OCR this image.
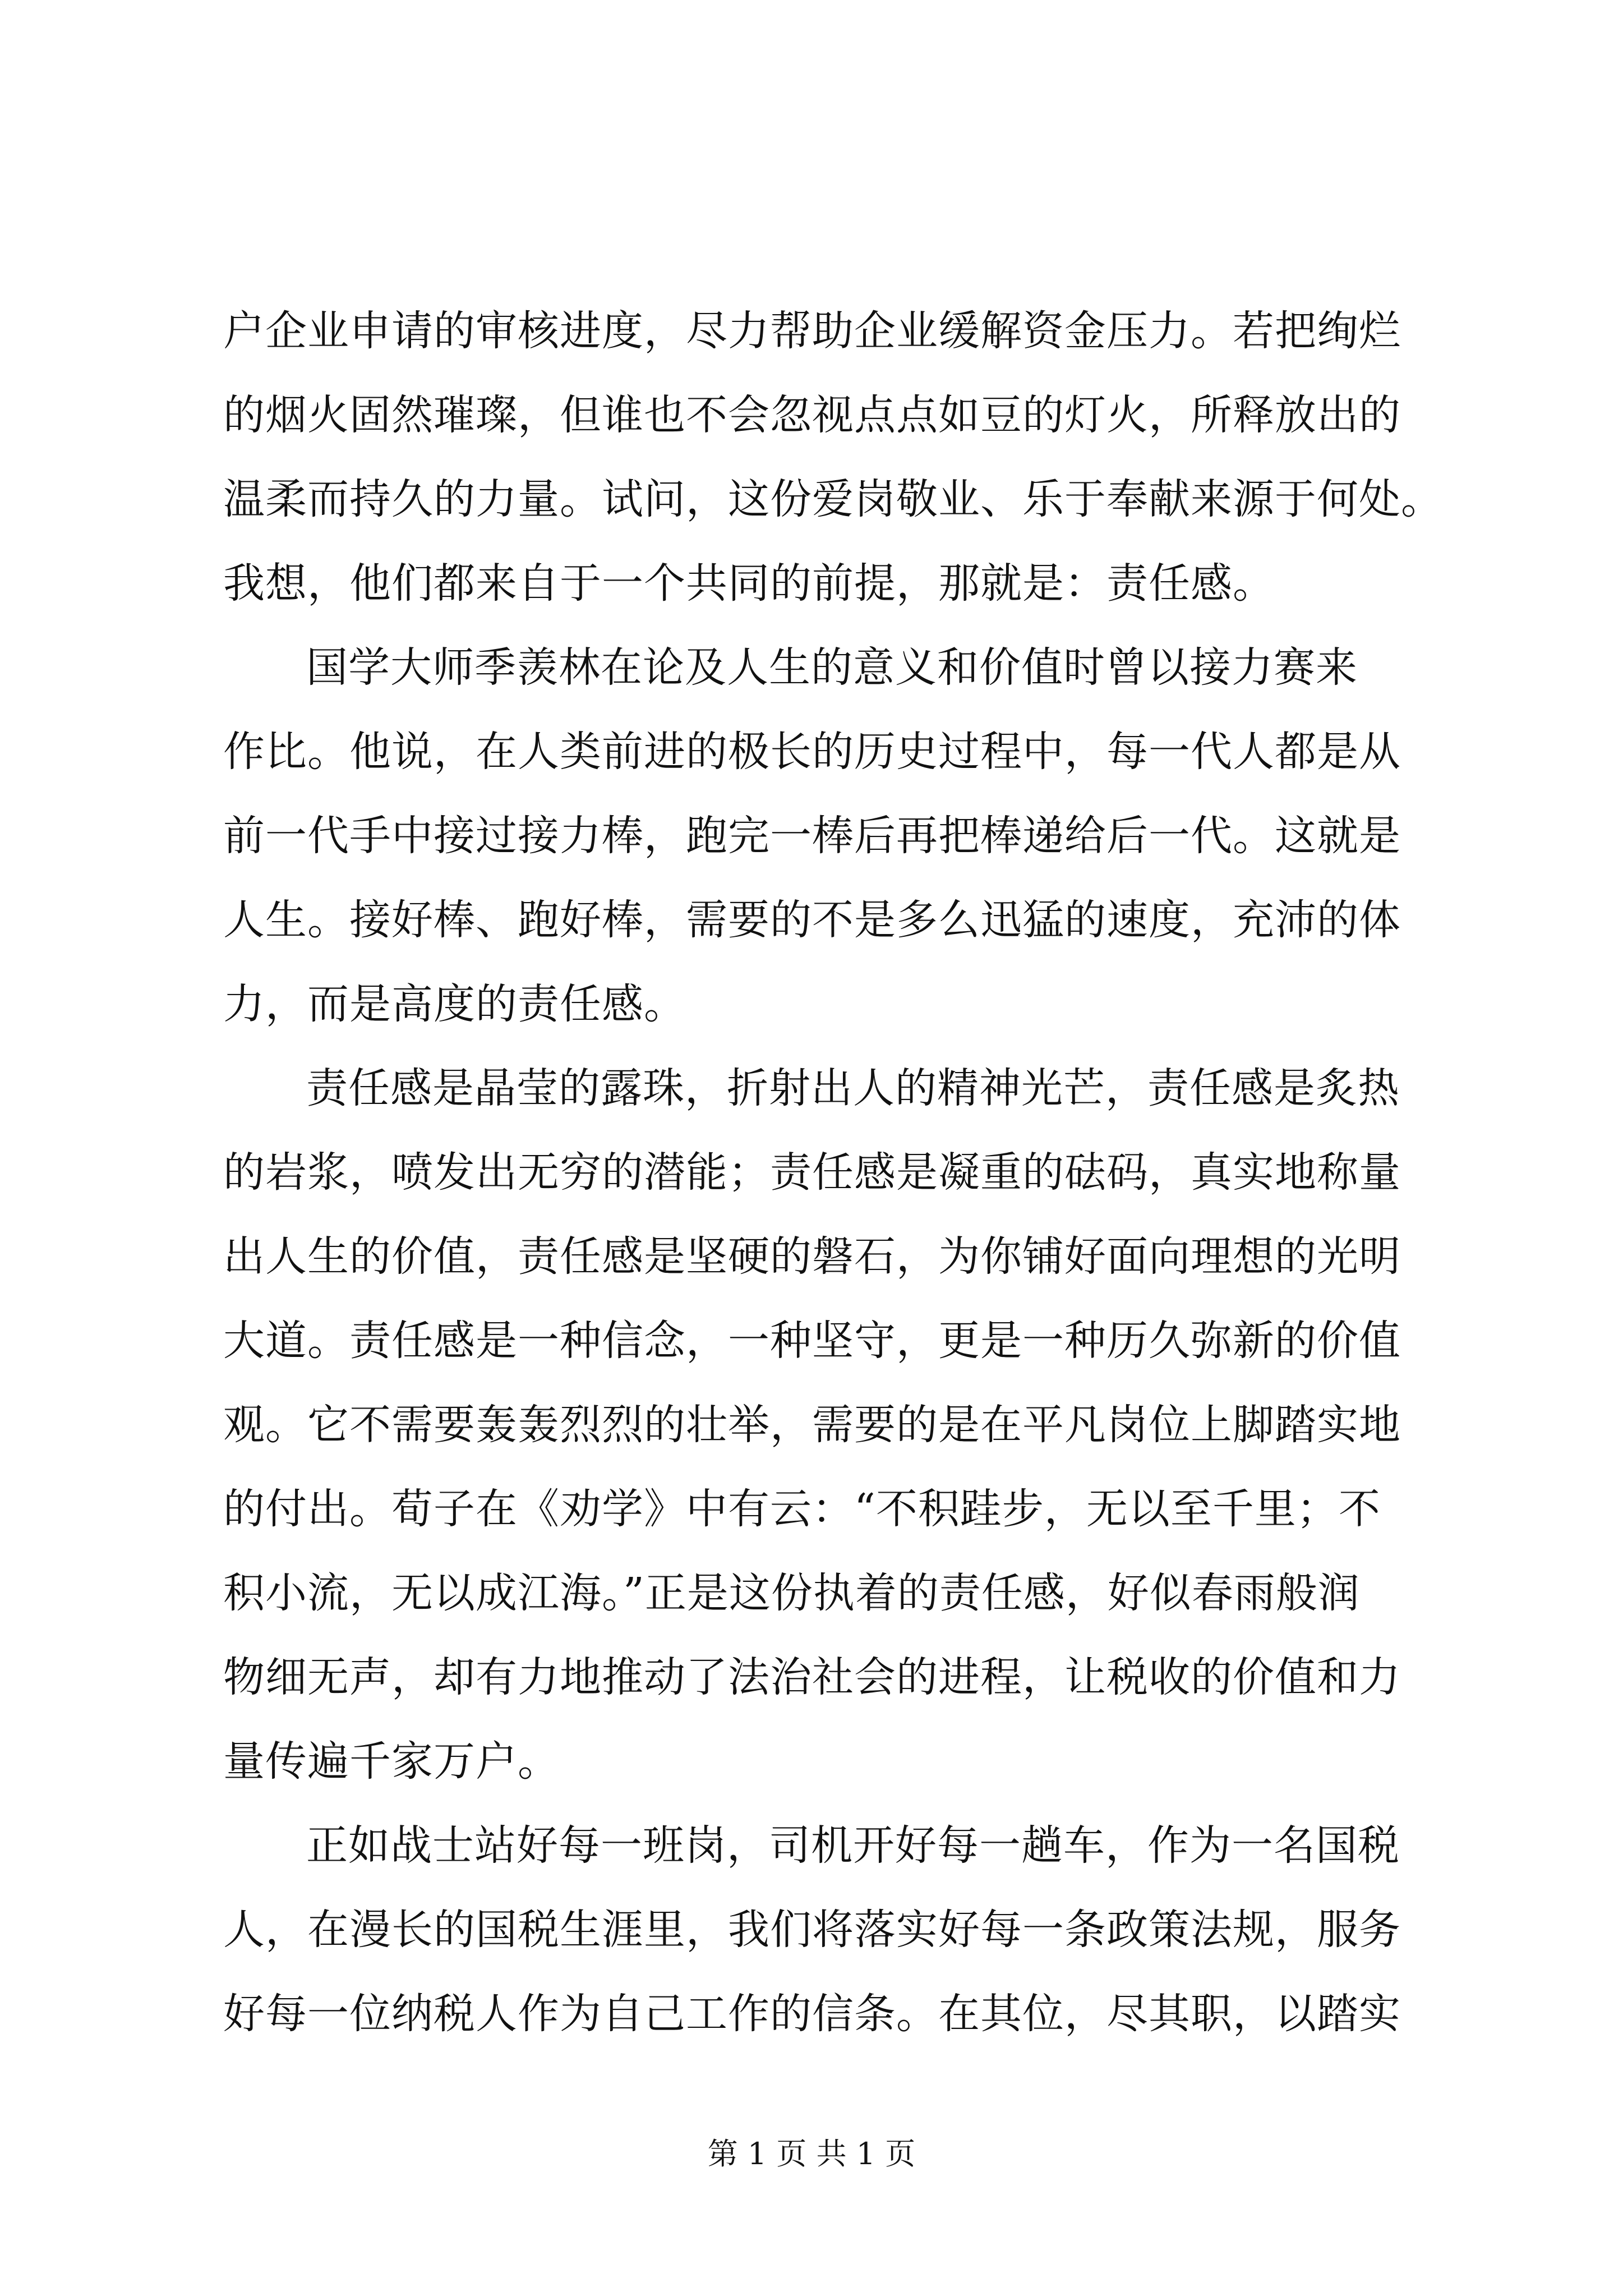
户企业申请的审核进度，尽力帮助企业缓解资金压力。若把绚烂
的烟火固然璀璨，但谁也不会忽视点点如豆的灯火，所释放出的
温柔而持久的力量。试问，这份爱岗敬业、乐于奉献来源于何处。
我想，他们都来自于一个共同的前提，那就是：责任感。
国学大师季羡林在论及人生的意义和价值时曾以接力赛来
作比。他说，在人类前进的极长的历史过程中，每一代人都是从
前一代手中接过接力棒，跑完一棒后再把棒递给后一代。这就是
人生。接好棒、跑好棒，需要的不是多么迅猛的速度，充沛的体
力，而是高度的责任感。
责任感是晶莹的露珠，折射出人的精神光芒，责任感是炙热
的岩浆，喷发出无穷的潜能；责任感是凝重的砝码，真实地称量
出人生的价值，责任感是坚硬的磐石，为你铺好面向理想的光明
大道。责任感是一种信念，一种坚守，更是一种历久弥新的价值
观。它不需要轰轰烈烈的壮举，需要的是在平凡岗位上脚踏实地
的付出。荀子在《劝学》中有云：“不积跬步，无以至千里；不
积小流，无以成江海。”正是这份执着的责任感，好似春雨般润
物细无声，却有力地推动了法治社会的进程，让税收的价值和力
量传遍千家万户。
正如战士站好每一班岗，司机开好每一趟车，作为一名国税
人，在漫长的国税生涯里，我们将落实好每一条政策法规，服务
好每一位纳税人作为自己工作的信条。在其位，尽其职，以踏实
第 1 页 共 1 页
